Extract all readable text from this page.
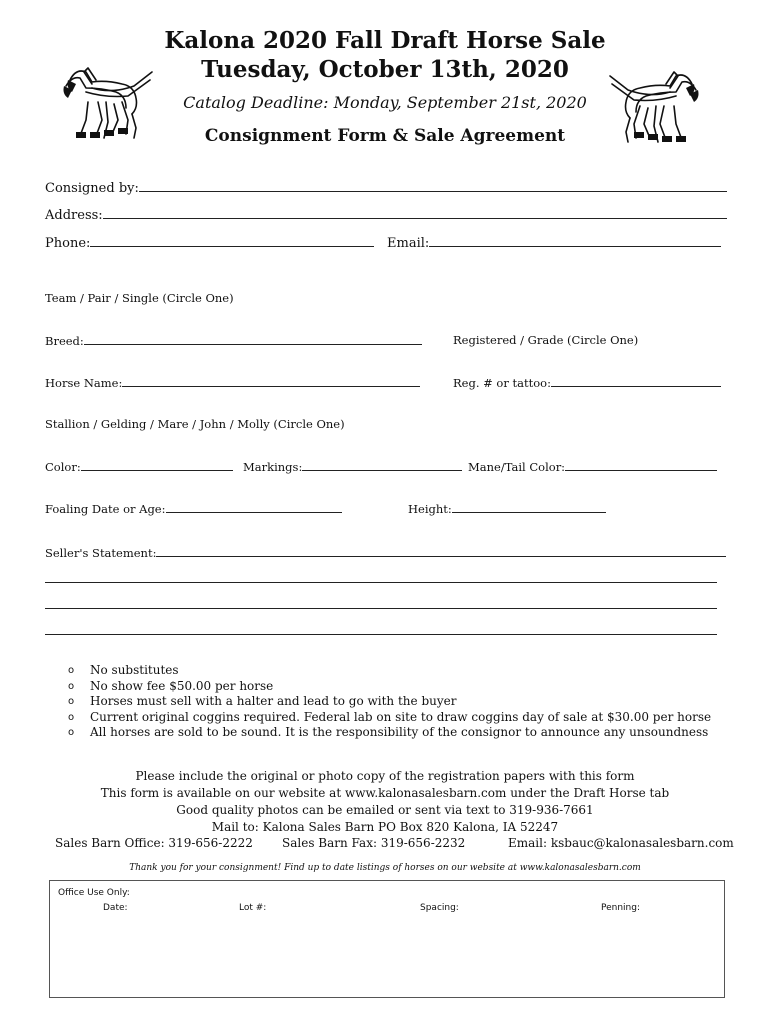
Kalona 2020 Fall Draft Horse Sale
Tuesday, October 13th, 2020
Catalog Deadline: Monday, September 21st, 2020
Consignment Form & Sale Agreement
Consigned by:
Address:
Phone:	Email:
Team / Pair / Single (Circle One)
Breed:	Registered / Grade (Circle One)
Horse Name:	Reg. # or tattoo:
Stallion / Gelding / Mare / John / Molly (Circle One)
Color:	Markings:	Mane/Tail Color:
Foaling Date or Age:	Height:
Seller's Statement:
o No substitutes
o No show fee $50.00 per horse
o Horses must sell with a halter and lead to go with the buyer
o Current original coggins required. Federal lab on site to draw coggins day of sale at $30.00 per horse
o All horses are sold to be sound. It is the responsibility of the consignor to announce any unsoundness
Please include the original or photo copy of the registration papers with this form
This form is available on our website at www.kalonasalesbarn.com under the Draft Horse tab
Good quality photos can be emailed or sent via text to 319-936-7661
Mail to: Kalona Sales Barn PO Box 820 Kalona, IA 52247
Sales Barn Office: 319-656-2222 Sales Barn Fax: 319-656-2232	Email: ksbauc@kalonasalesbarn.com
Thank you for your consignment! Find up to date listings of horses on our website at www.kalonasalesbarn.com
Office Use Only:
Date:	Lot #:	Spacing:	Penning:
